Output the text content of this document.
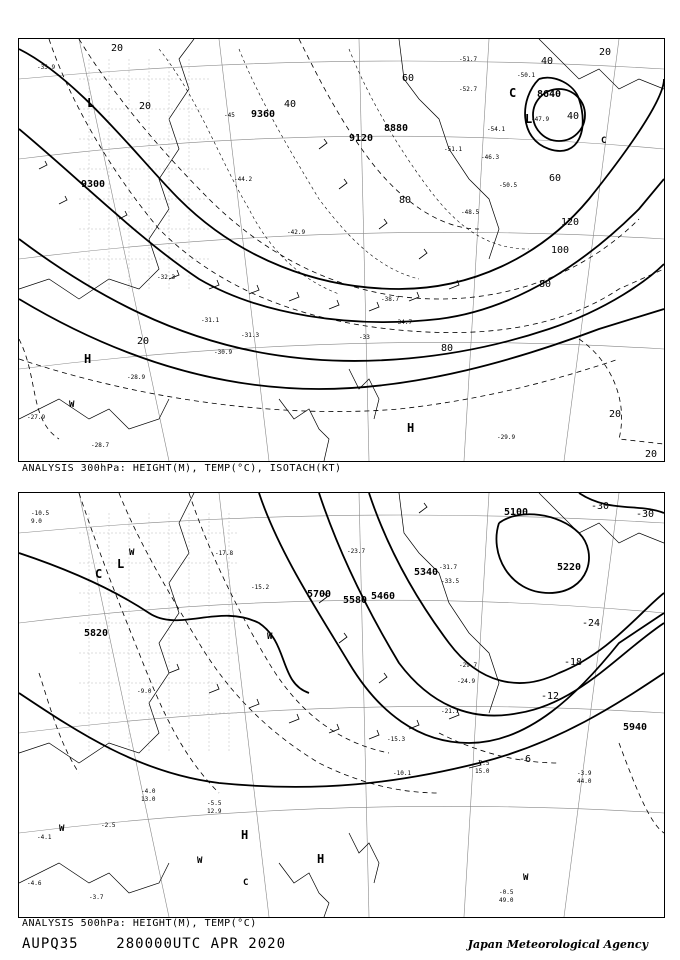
9360
9120
8880
8640
9300
20
20
20
40
40
40
60
60
80
80
100
120
20
20
20
80
-35.9
-45
-44.2
-42.9
-38.7
-34.7
-32.3
-33
-31.1
-31.3
-30.9
-28.9
-29.9
-28.7
-27.9
-51.7
-52.7
-51.1
-48.5
-46.3
-50.5
-54.1
-47.9
-50.1
L
L
C
H
H
W
C
ANALYSIS 300hPa: HEIGHT(M), TEMP(°C), ISOTACH(KT)
5820
5700
5580 5460
5340	5220
5940
5100
-30
-30
-24
-18
-12
-6
-10.5
9.0
-17.8
-15.2
-23.7
-31.7
-33.5
-29.7
-24.9
-21.7
-15.3
-10.1
-7.5
15.0
-5.5
12.9
-4.0
13.0
-2.5
-4.1
-3.9
44.0
-0.5
49.0
-3.7
-9.0
-4.6
C
L
W
W
H
H
W
C
W
W
ANALYSIS 500hPa: HEIGHT(M), TEMP(°C)
AUPQ35	280000UTC APR 2020	Japan Meteorological Agency
